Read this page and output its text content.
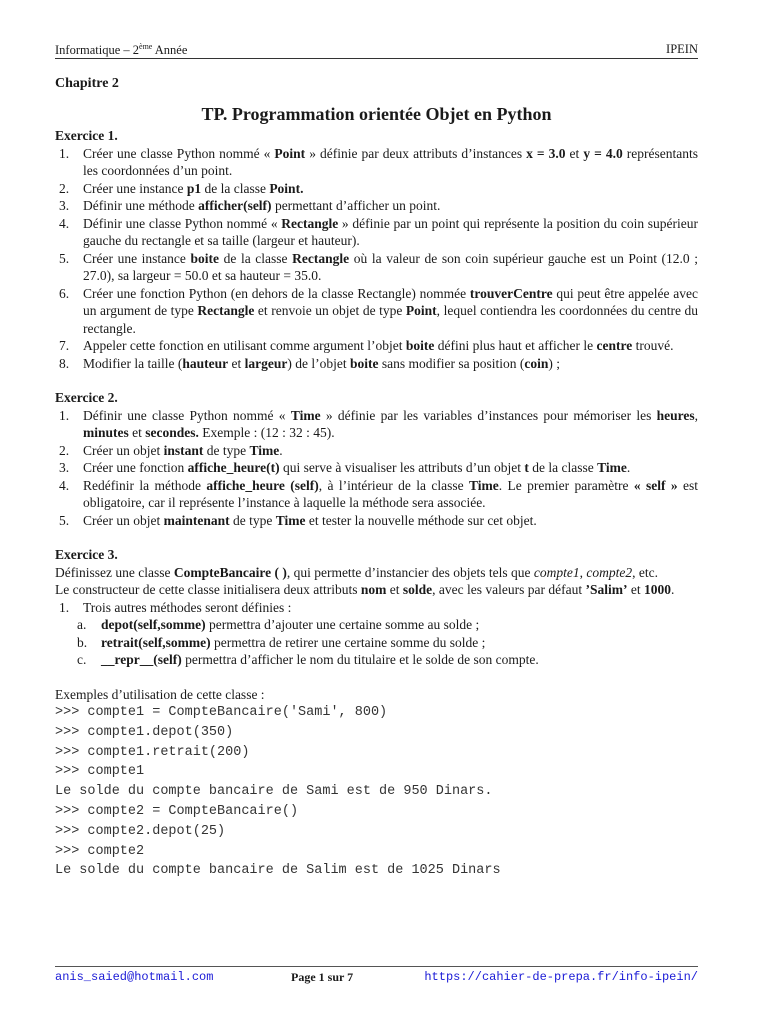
Informatique – 2ème Année	IPEIN
Chapitre 2
TP. Programmation orientée Objet en Python
Exercice 1.
1. Créer une classe Python nommé « Point » définie par deux attributs d’instances x = 3.0 et y = 4.0 représentants les coordonnées d’un point.
2. Créer une instance p1 de la classe Point.
3. Définir une méthode afficher(self) permettant d’afficher un point.
4. Définir une classe Python nommé « Rectangle » définie par un point qui représente la position du coin supérieur gauche du rectangle et sa taille (largeur et hauteur).
5. Créer une instance boite de la classe Rectangle où la valeur de son coin supérieur gauche est un Point (12.0 ; 27.0), sa largeur = 50.0 et sa hauteur = 35.0.
6. Créer une fonction Python (en dehors de la classe Rectangle) nommée trouverCentre qui peut être appelée avec un argument de type Rectangle et renvoie un objet de type Point, lequel contiendra les coordonnées du centre du rectangle.
7. Appeler cette fonction en utilisant comme argument l’objet boite défini plus haut et afficher le centre trouvé.
8. Modifier la taille (hauteur et largeur) de l’objet boite sans modifier sa position (coin) ;
Exercice 2.
1. Définir une classe Python nommé « Time » définie par les variables d’instances pour mémoriser les heures, minutes et secondes. Exemple : (12 : 32 : 45).
2. Créer un objet instant de type Time.
3. Créer une fonction affiche_heure(t) qui serve à visualiser les attributs d’un objet t de la classe Time.
4. Redéfinir la méthode affiche_heure (self), à l’intérieur de la classe Time. Le premier paramètre « self » est obligatoire, car il représente l’instance à laquelle la méthode sera associée.
5. Créer un objet maintenant de type Time et tester la nouvelle méthode sur cet objet.
Exercice 3.

Définissez une classe CompteBancaire ( ), qui permette d’instancier des objets tels que compte1, compte2, etc.

Le constructeur de cette classe initialisera deux attributs nom et solde, avec les valeurs par défaut ’Salim’ et 1000.

1. Trois autres méthodes seront définies :
a. depot(self,somme) permettra d’ajouter une certaine somme au solde ;
b. retrait(self,somme) permettra de retirer une certaine somme du solde ;
c. __repr__(self) permettra d’afficher le nom du titulaire et le solde de son compte.

Exemples d’utilisation de cette classe :

>>> compte1 = CompteBancaire('Sami', 800)
>>> compte1.depot(350)
>>> compte1.retrait(200)
>>> compte1
Le solde du compte bancaire de Sami est de 950 Dinars.
>>> compte2 = CompteBancaire()
>>> compte2.depot(25)
>>> compte2
Le solde du compte bancaire de Salim est de 1025 Dinars
anis_saied@hotmail.com	Page 1 sur 7	https://cahier-de-prepa.fr/info-ipein/
